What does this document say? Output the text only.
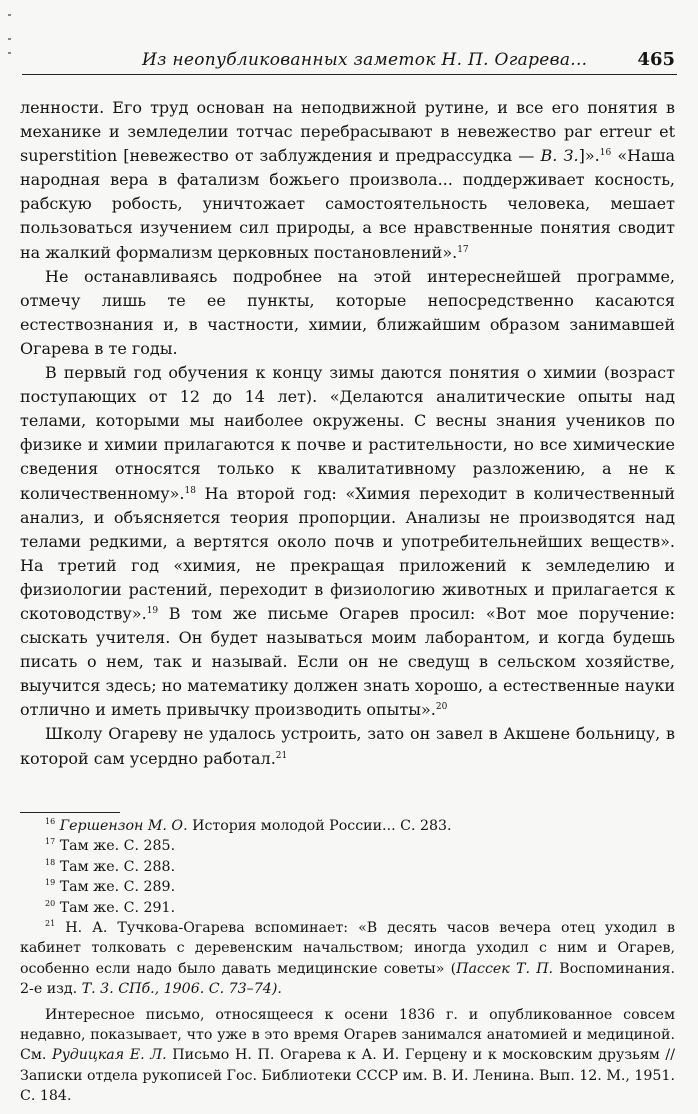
Из неопубликованных заметок Н. П. Огарева...	465

ленности. Его труд основан на неподвижной рутине, и все его понятия в механике и земледелии тотчас перебрасывают в невежество par erreur et superstition [невежество от заблуждения и предрассудка — В. З.]».$^{16}$ «Наша народная вера в фатализм божьего произвола... поддерживает косность, рабскую робость, уничтожает самостоятельность человека, мешает пользоваться изучением сил природы, а все нравственные понятия сводит на жалкий формализм церковных постановлений».$^{17}$

Не останавливаясь подробнее на этой интереснейшей программе, отмечу лишь те ее пункты, которые непосредственно касаются естествознания и, в частности, химии, ближайшим образом занимавшей Огарева в те годы.

В первый год обучения к концу зимы даются понятия о химии (возраст поступающих от 12 до 14 лет). «Делаются аналитические опыты над телами, которыми мы наиболее окружены. С весны знания учеников по физике и химии прилагаются к почве и растительности, но все химические сведения относятся только к квалитативному разложению, а не к количественному».$^{18}$ На второй год: «Химия переходит в количественный анализ, и объясняется теория пропорции. Анализы не производятся над телами редкими, а вертятся около почв и употребительнейших веществ». На третий год «химия, не прекращая приложений к земледелию и физиологии растений, переходит в физиологию животных и прилагается к скотоводству».$^{19}$ В том же письме Огарев просил: «Вот мое поручение: сыскать учителя. Он будет называться моим лаборантом, и когда будешь писать о нем, так и называй. Если он не сведущ в сельском хозяйстве, выучится здесь; но математику должен знать хорошо, а естественные науки отлично и иметь привычку производить опыты».$^{20}$

Школу Огареву не удалось устроить, зато он завел в Акшене больницу, в которой сам усердно работал.$^{21}$

$^{16}$ Гершензон М. О. История молодой России... С. 283.

$^{17}$ Там же. С. 285.

$^{18}$ Там же. С. 288.

$^{19}$ Там же. С. 289.

$^{20}$ Там же. С. 291.

$^{21}$ Н. А. Тучкова-Огарева вспоминает: «В десять часов вечера отец уходил в кабинет толковать с деревенским начальством; иногда уходил с ним и Огарев, особенно если надо было давать медицинские советы» (Пассек Т. П. Воспоминания. 2-е изд. Т. 3. СПб., 1906. С. 73–74).

Интересное письмо, относящееся к осени 1836 г. и опубликованное совсем недавно, показывает, что уже в это время Огарев занимался анатомией и медициной. См. Рудицкая Е. Л. Письмо Н. П. Огарева к А. И. Герцену и к московским друзьям // Записки отдела рукописей Гос. Библиотеки СССР им. В. И. Ленина. Вып. 12. М., 1951. С. 184.
